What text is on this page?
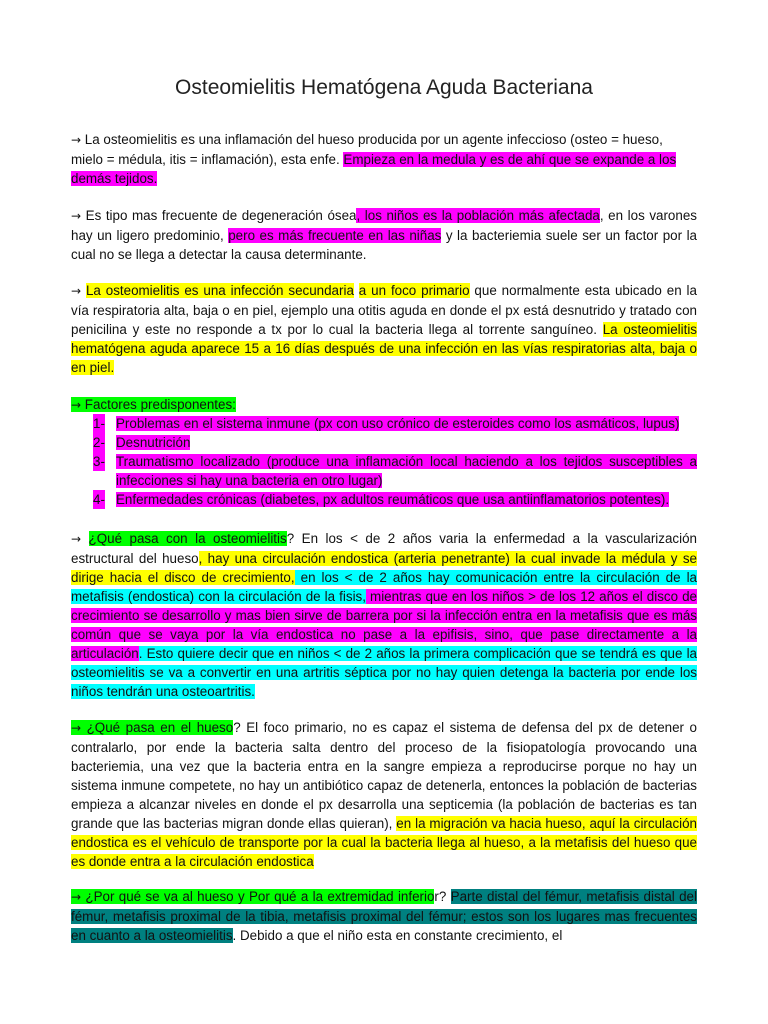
Osteomielitis Hematógena Aguda Bacteriana
→ La osteomielitis es una inflamación del hueso producida por un agente infeccioso (osteo = hueso, mielo = médula, itis = inflamación), esta enfe. Empieza en la medula y es de ahí que se expande a los demás tejidos.
→ Es tipo mas frecuente de degeneración ósea, los niños es la población más afectada, en los varones hay un ligero predominio, pero es más frecuente en las niñas y la bacteriemia suele ser un factor por la cual no se llega a detectar la causa determinante.
→ La osteomielitis es una infección secundaria a un foco primario que normalmente esta ubicado en la vía respiratoria alta, baja o en piel, ejemplo una otitis aguda en donde el px está desnutrido y tratado con penicilina y este no responde a tx por lo cual la bacteria llega al torrente sanguíneo. La osteomielitis hematógena aguda aparece 15 a 16 días después de una infección en las vías respiratorias alta, baja o en piel.
→ Factores predisponentes:
1- Problemas en el sistema inmune (px con uso crónico de esteroides como los asmáticos, lupus)
2- Desnutrición
3- Traumatismo localizado (produce una inflamación local haciendo a los tejidos susceptibles a infecciones si hay una bacteria en otro lugar)
4- Enfermedades crónicas (diabetes, px adultos reumáticos que usa antiinflamatorios potentes).
→ ¿Qué pasa con la osteomielitis? En los < de 2 años varia la enfermedad a la vascularización estructural del hueso, hay una circulación endostica (arteria penetrante) la cual invade la médula y se dirige hacia el disco de crecimiento, en los < de 2 años hay comunicación entre la circulación de la metafisis (endostica) con la circulación de la fisis, mientras que en los niños > de los 12 años el disco de crecimiento se desarrollo y mas bien sirve de barrera por si la infección entra en la metafisis que es más común que se vaya por la vía endostica no pase a la epifisis, sino, que pase directamente a la articulación. Esto quiere decir que en niños < de 2 años la primera complicación que se tendrá es que la osteomielitis se va a convertir en una artritis séptica por no hay quien detenga la bacteria por ende los niños tendrán una osteoartritis.
→ ¿Qué pasa en el hueso? El foco primario, no es capaz el sistema de defensa del px de detener o contralarlo, por ende la bacteria salta dentro del proceso de la fisiopatología provocando una bacteriemia, una vez que la bacteria entra en la sangre empieza a reproducirse porque no hay un sistema inmune competete, no hay un antibiótico capaz de detenerla, entonces la población de bacterias empieza a alcanzar niveles en donde el px desarrolla una septicemia (la población de bacterias es tan grande que las bacterias migran donde ellas quieran), en la migración va hacia hueso, aquí la circulación endostica es el vehículo de transporte por la cual la bacteria llega al hueso, a la metafisis del hueso que es donde entra a la circulación endostica
→ ¿Por qué se va al hueso y Por qué a la extremidad inferior? Parte distal del fémur, metafisis distal del fémur, metafisis proximal de la tibia, metafisis proximal del fémur; estos son los lugares mas frecuentes en cuanto a la osteomielitis. Debido a que el niño esta en constante crecimiento, el
